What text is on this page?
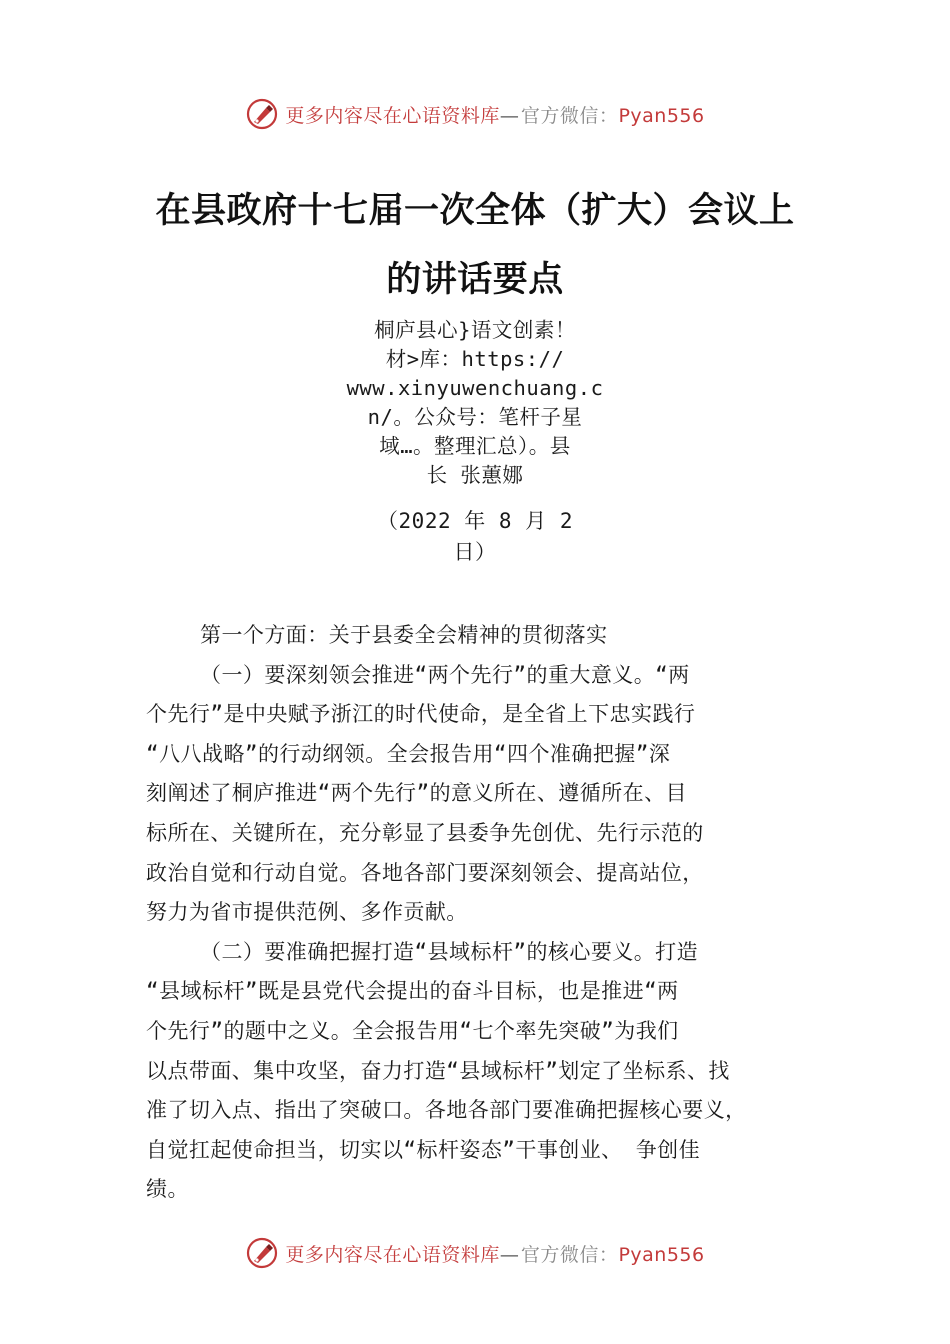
更多内容尽在心语资料库—官方微信：Pyan556
在县政府十七届一次全体（扩大）会议上
的讲话要点
桐庐县心}语文创素！
材>库：https://
www.xinyuwenchuang.c
n/。公众号：笔杆子星
域…。整理汇总）。县
长 张蕙娜
（2022 年 8 月 2
日）
第一个方面：关于县委全会精神的贯彻落实
（一）要深刻领会推进“两个先行”的重大意义。“两
个先行”是中央赋予浙江的时代使命，是全省上下忠实践行
“八八战略”的行动纲领。全会报告用“四个准确把握”深
刻阐述了桐庐推进“两个先行”的意义所在、遵循所在、目
标所在、关键所在，充分彰显了县委争先创优、先行示范的
政治自觉和行动自觉。各地各部门要深刻领会、提高站位，
努力为省市提供范例、多作贡献。
（二）要准确把握打造“县域标杆”的核心要义。打造
“县域标杆”既是县党代会提出的奋斗目标，也是推进“两
个先行”的题中之义。全会报告用“七个率先突破”为我们
以点带面、集中攻坚，奋力打造“县域标杆”划定了坐标系、找
准了切入点、指出了突破口。各地各部门要准确把握核心要义，
自觉扛起使命担当，切实以“标杆姿态”干事创业、 争创佳
绩。
更多内容尽在心语资料库—官方微信：Pyan556
